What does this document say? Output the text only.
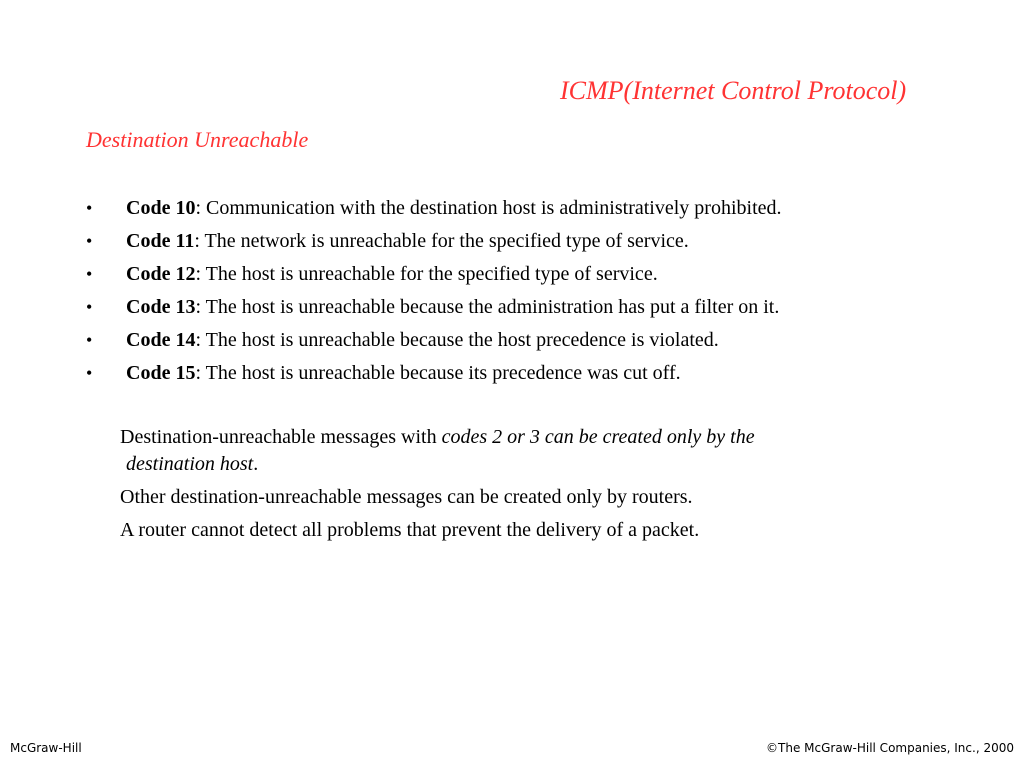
ICMP(Internet Control Protocol)
Destination Unreachable
•	Code 10: Communication with the destination host is administratively prohibited.
•	Code 11: The network is unreachable for the specified type of service.
•	Code 12: The host is unreachable for the specified type of service.
•	Code 13: The host is unreachable because the administration has put a filter on it.
•	Code 14: The host is unreachable because the host precedence is violated.
•	Code 15: The host is unreachable because its precedence was cut off.
Destination-unreachable messages with codes 2 or 3 can be created only by the
destination host.
Other destination-unreachable messages can be created only by routers.
A router cannot detect all problems that prevent the delivery of a packet.
McGraw-Hill	©The McGraw-Hill Companies, Inc., 2000
